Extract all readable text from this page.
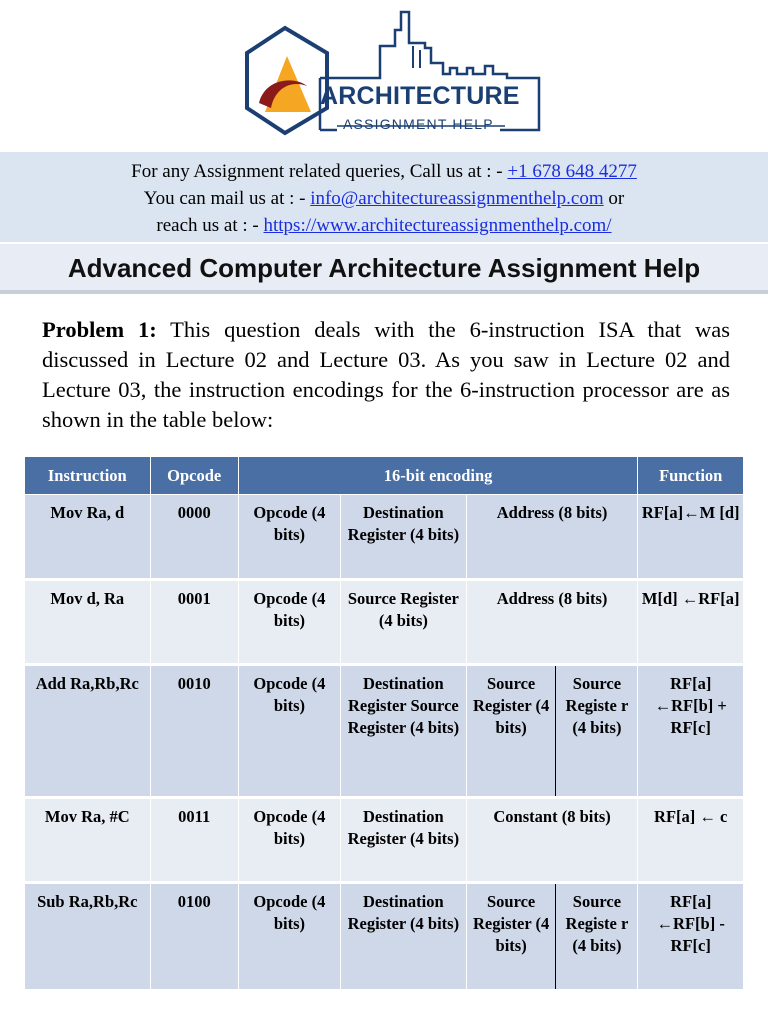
ARCHITECTURE
ASSIGNMENT HELP
For any Assignment related queries, Call us at : - +1 678 648 4277
You can mail us at : - info@architectureassignmenthelp.com or
reach us at : - https://www.architectureassignmenthelp.com/
Advanced Computer Architecture Assignment Help
Problem 1: This question deals with the 6-instruction ISA that was discussed in Lecture 02 and Lecture 03. As you saw in Lecture 02 and Lecture 03, the instruction encodings for the 6-instruction processor are as shown in the table below:
Instruction	Opcode	16-bit encoding				Function
Mov Ra, d	0000	Opcode (4 bits)	Destination Register (4 bits)	Address (8 bits)		RF[a]←M [d]
Mov d, Ra	0001	Opcode (4 bits)	Source Register (4 bits)	Address (8 bits)		M[d] ←RF[a]
Add Ra,Rb,Rc	0010	Opcode (4 bits)	Destination Register Source Register (4 bits)	Source Register (4 bits)	Source Registe r (4 bits)	RF[a] ←RF[b] + RF[c]
Mov Ra, #C	0011	Opcode (4 bits)	Destination Register (4 bits)	Constant (8 bits)		RF[a] ← c
Sub Ra,Rb,Rc	0100	Opcode (4 bits)	Destination Register (4 bits)	Source Register (4 bits)	Source Registe r (4 bits)	RF[a] ←RF[b] - RF[c]
